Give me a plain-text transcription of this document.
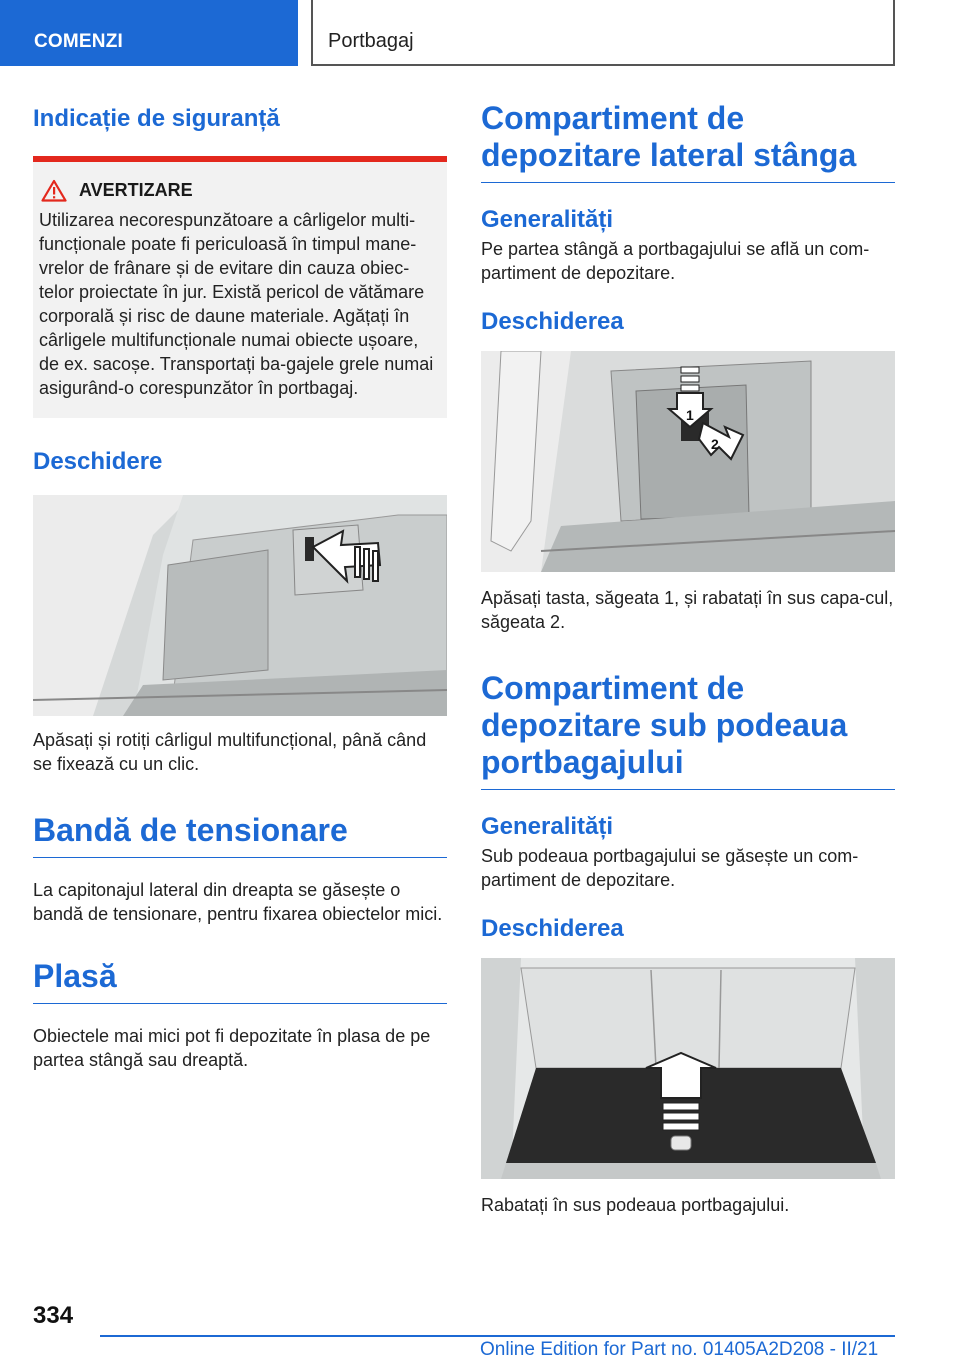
COMENZI	Portbagaj
Indicație de siguranță
AVERTIZARE

Utilizarea necorespunzătoare a cârligelor multi-funcționale poate fi periculoasă în timpul mane-vrelor de frânare și de evitare din cauza obiec-telor proiectate în jur. Există pericol de vătămare corporală și risc de daune materiale. Agățați în cârligele multifuncționale numai obiecte ușoare, de ex. sacoșe. Transportați ba-gajele grele numai asigurând-o corespunzător în portbagaj.

Deschidere

Apăsați și rotiți cârligul multifuncțional, până când se fixează cu un clic.

Bandă de tensionare

La capitonajul lateral din dreapta se găsește o bandă de tensionare, pentru fixarea obiectelor mici.

Plasă

Obiectele mai mici pot fi depozitate în plasa de pe partea stângă sau dreaptă.

Compartiment de depozitare lateral stânga
Generalități

Pe partea stângă a portbagajului se află un com-partiment de depozitare.

Deschiderea
1
2

Apăsați tasta, săgeata 1, și rabatați în sus capa-cul, săgeata 2.

Compartiment de depozitare sub podeaua portbagajului
Generalități

Sub podeaua portbagajului se găsește un com-partiment de depozitare.

Deschiderea

Rabatați în sus podeaua portbagajului.

334
Online Edition for Part no. 01405A2D208 - II/21
